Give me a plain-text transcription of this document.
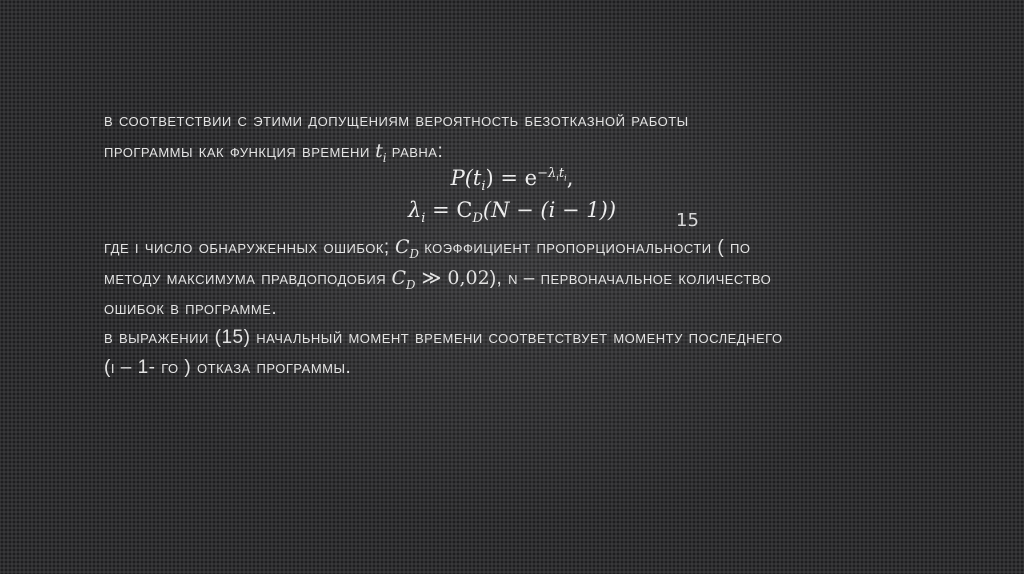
в соответствии с этими допущениям вероятность безотказной работы
программы как функция времени $t_i$ равна:
$P(t_i) = e^{-\lambda_it_i}$,
$\lambda_i = C_D(N - (i - 1))$	15
где i число обнаруженных ошибок; $C_D$ коэффициент пропорциональности ( по
методу максимума правдоподобия $C_D$ ≫ 0,02), n – первоначальное количество
ошибок в программе.
в выражении (15) начальный момент времени соответствует моменту последнего
(i – 1- го ) отказа программы.
